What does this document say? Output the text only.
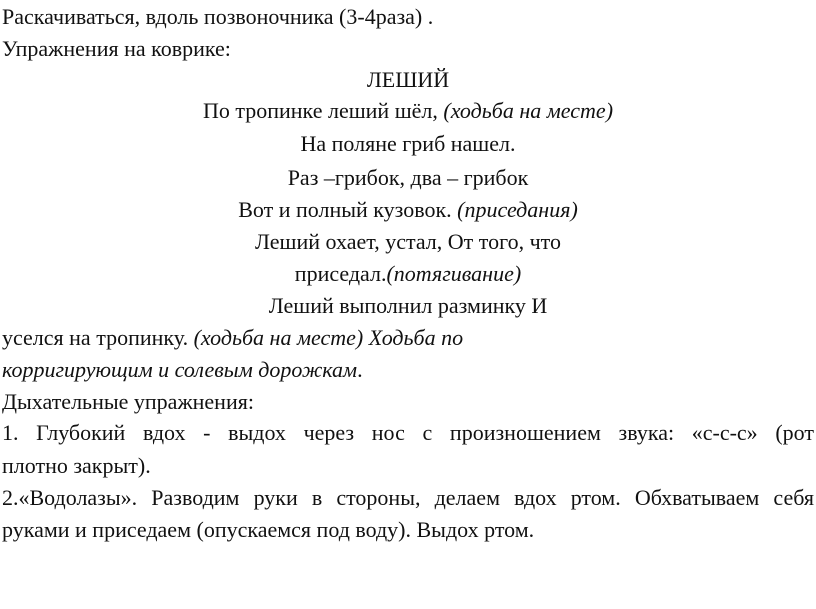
Раскачиваться, вдоль позвоночника (3-4раза) .
Упражнения на коврике:
ЛЕШИЙ
По тропинке леший шёл, (ходьба на месте)
На поляне гриб нашел.
Раз –грибок, два – грибок
Вот и полный кузовок. (приседания)
Леший охает, устал, От того, что
приседал.(потягивание)
Леший выполнил разминку И
уселся на тропинку. (ходьба на месте) Ходьба по
корригирующим и солевым дорожкам.
Дыхательные упражнения:
1. Глубокий вдох - выдох через нос с произношением звука: «с-с-с» (рот
плотно закрыт).
2.«Водолазы». Разводим руки в стороны, делаем вдох ртом. Обхватываем себя
руками и приседаем (опускаемся под воду). Выдох ртом.
